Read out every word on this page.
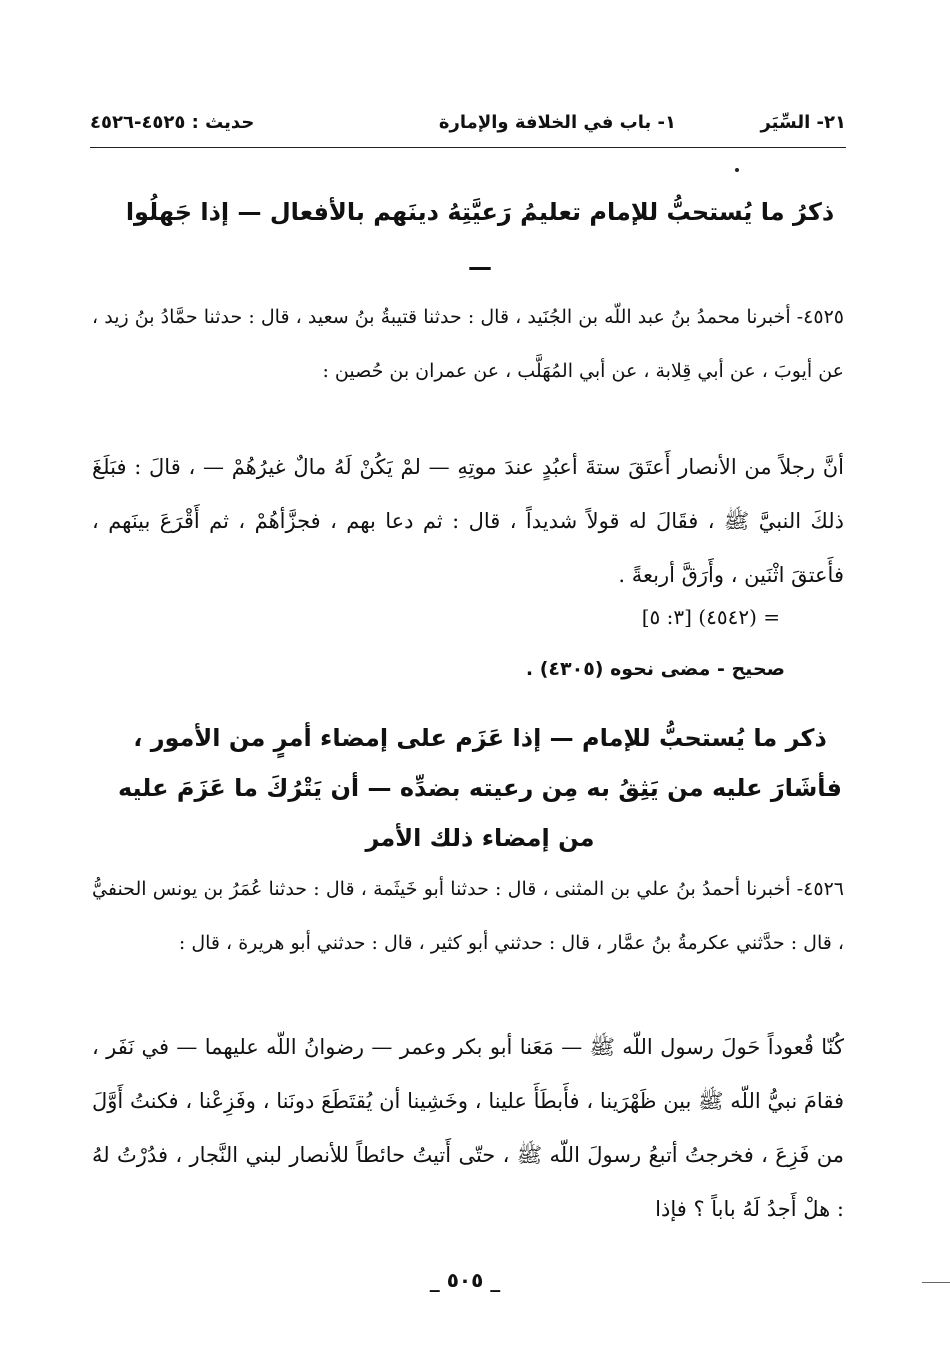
٢١- السِّيَر
١- باب في الخلافة والإمارة
حديث : ٤٥٢٥-٤٥٢٦
ذكرُ ما يُستحبُّ للإمام تعليمُ رَعيَّتِهُ دينَهم بالأفعال — إذا جَهلُوا —
٤٥٢٥- أخبرنا محمدُ بنُ عبد اللّه بن الجُنَيد ، قال : حدثنا قتيبةُ بنُ سعيد ، قال : حدثنا حمَّادُ بنُ زيد ، عن أيوبَ ، عن أبي قِلابة ، عن أبي المُهَلَّب ، عن عمران بن حُصين :
أنَّ رجلاً من الأنصار أَعتَقَ ستةَ أعبُدٍ عندَ موتِهِ — لمْ يَكُنْ لَهُ مالٌ غيرُهُمْ — ، قالَ : فبَلَغَ ذلكَ النبيَّ ﷺ ، فقَالَ له قولاً شديداً ، قال : ثم دعا بهم ، فجزَّأهُمْ ، ثم أَقْرَعَ بينَهم ، فأَعتقَ اثْنَين ، وأَرَقَّ أربعةً .
= (٤٥٤٢) [٣: ٥]
صحيح - مضى نحوه (٤٣٠٥) .
ذكر ما يُستحبُّ للإمام — إذا عَزَم على إمضاء أمرٍ من الأمور ، فأشَارَ عليه من يَثِقُ به مِن رعيته بضدِّه — أن يَتْرُكَ ما عَزَمَ عليه من إمضاء ذلك الأمر
٤٥٢٦- أخبرنا أحمدُ بنُ علي بن المثنى ، قال : حدثنا أبو خَيثَمة ، قال : حدثنا عُمَرُ بن يونس الحنفيُّ ، قال : حدَّثني عكرمةُ بنُ عمَّار ، قال : حدثني أبو كثير ، قال : حدثني أبو هريرة ، قال :
كُنّا قُعوداً حَولَ رسول اللّه ﷺ — مَعَنا أبو بكر وعمر — رضوانُ اللّه عليهما — في نَفَر ، فقامَ نبيُّ اللّه ﷺ بين ظَهْرَينا ، فأَبطَأَ علينا ، وخَشِينا أن يُقتَطَعَ دونَنا ، وفَزِعْنا ، فكنتُ أَوَّلَ من فَزِعَ ، فخرجتُ أتبعُ رسولَ اللّه ﷺ ، حتّى أَتيتُ حائطاً للأنصار لبني النَّجار ، فدُرْتُ لهُ : هلْ أَجدُ لَهُ باباً ؟ فإذا
_ ٥٠٥ _
